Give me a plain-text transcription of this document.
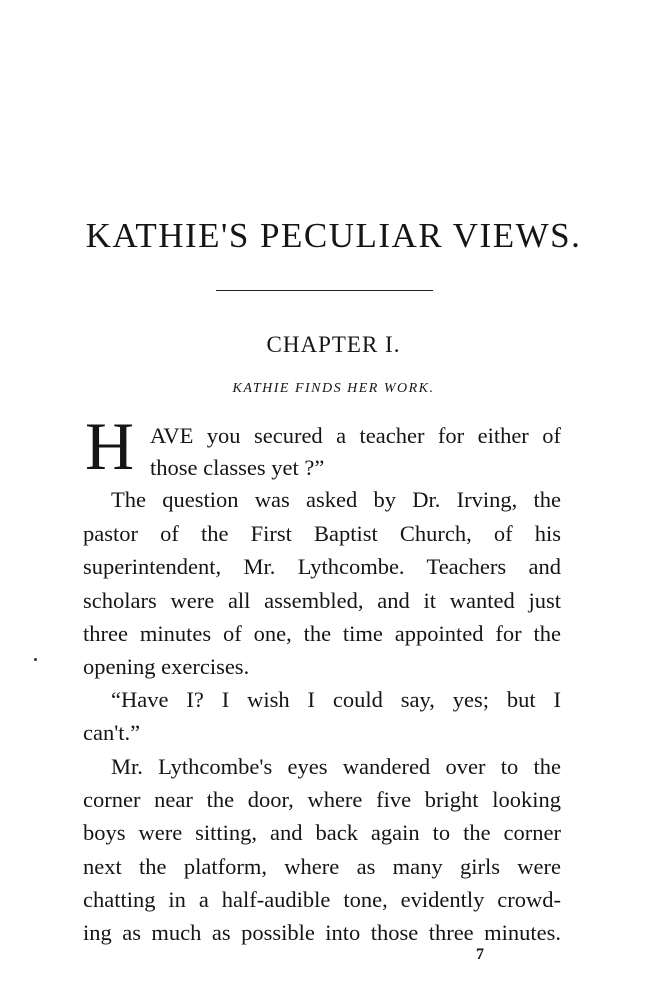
KATHIE'S PECULIAR VIEWS.
CHAPTER I.
KATHIE FINDS HER WORK.
H AVE you secured a teacher for either of
those classes yet ?”
The question was asked by Dr. Irving, the
pastor of the First Baptist Church, of his
superintendent, Mr. Lythcombe. Teachers and
scholars were all assembled, and it wanted just
three minutes of one, the time appointed for the
opening exercises.
“Have I? I wish I could say, yes; but I
can't.”
Mr. Lythcombe's eyes wandered over to the
corner near the door, where five bright looking
boys were sitting, and back again to the corner
next the platform, where as many girls were
chatting in a half-audible tone, evidently crowd-
ing as much as possible into those three minutes.
7
